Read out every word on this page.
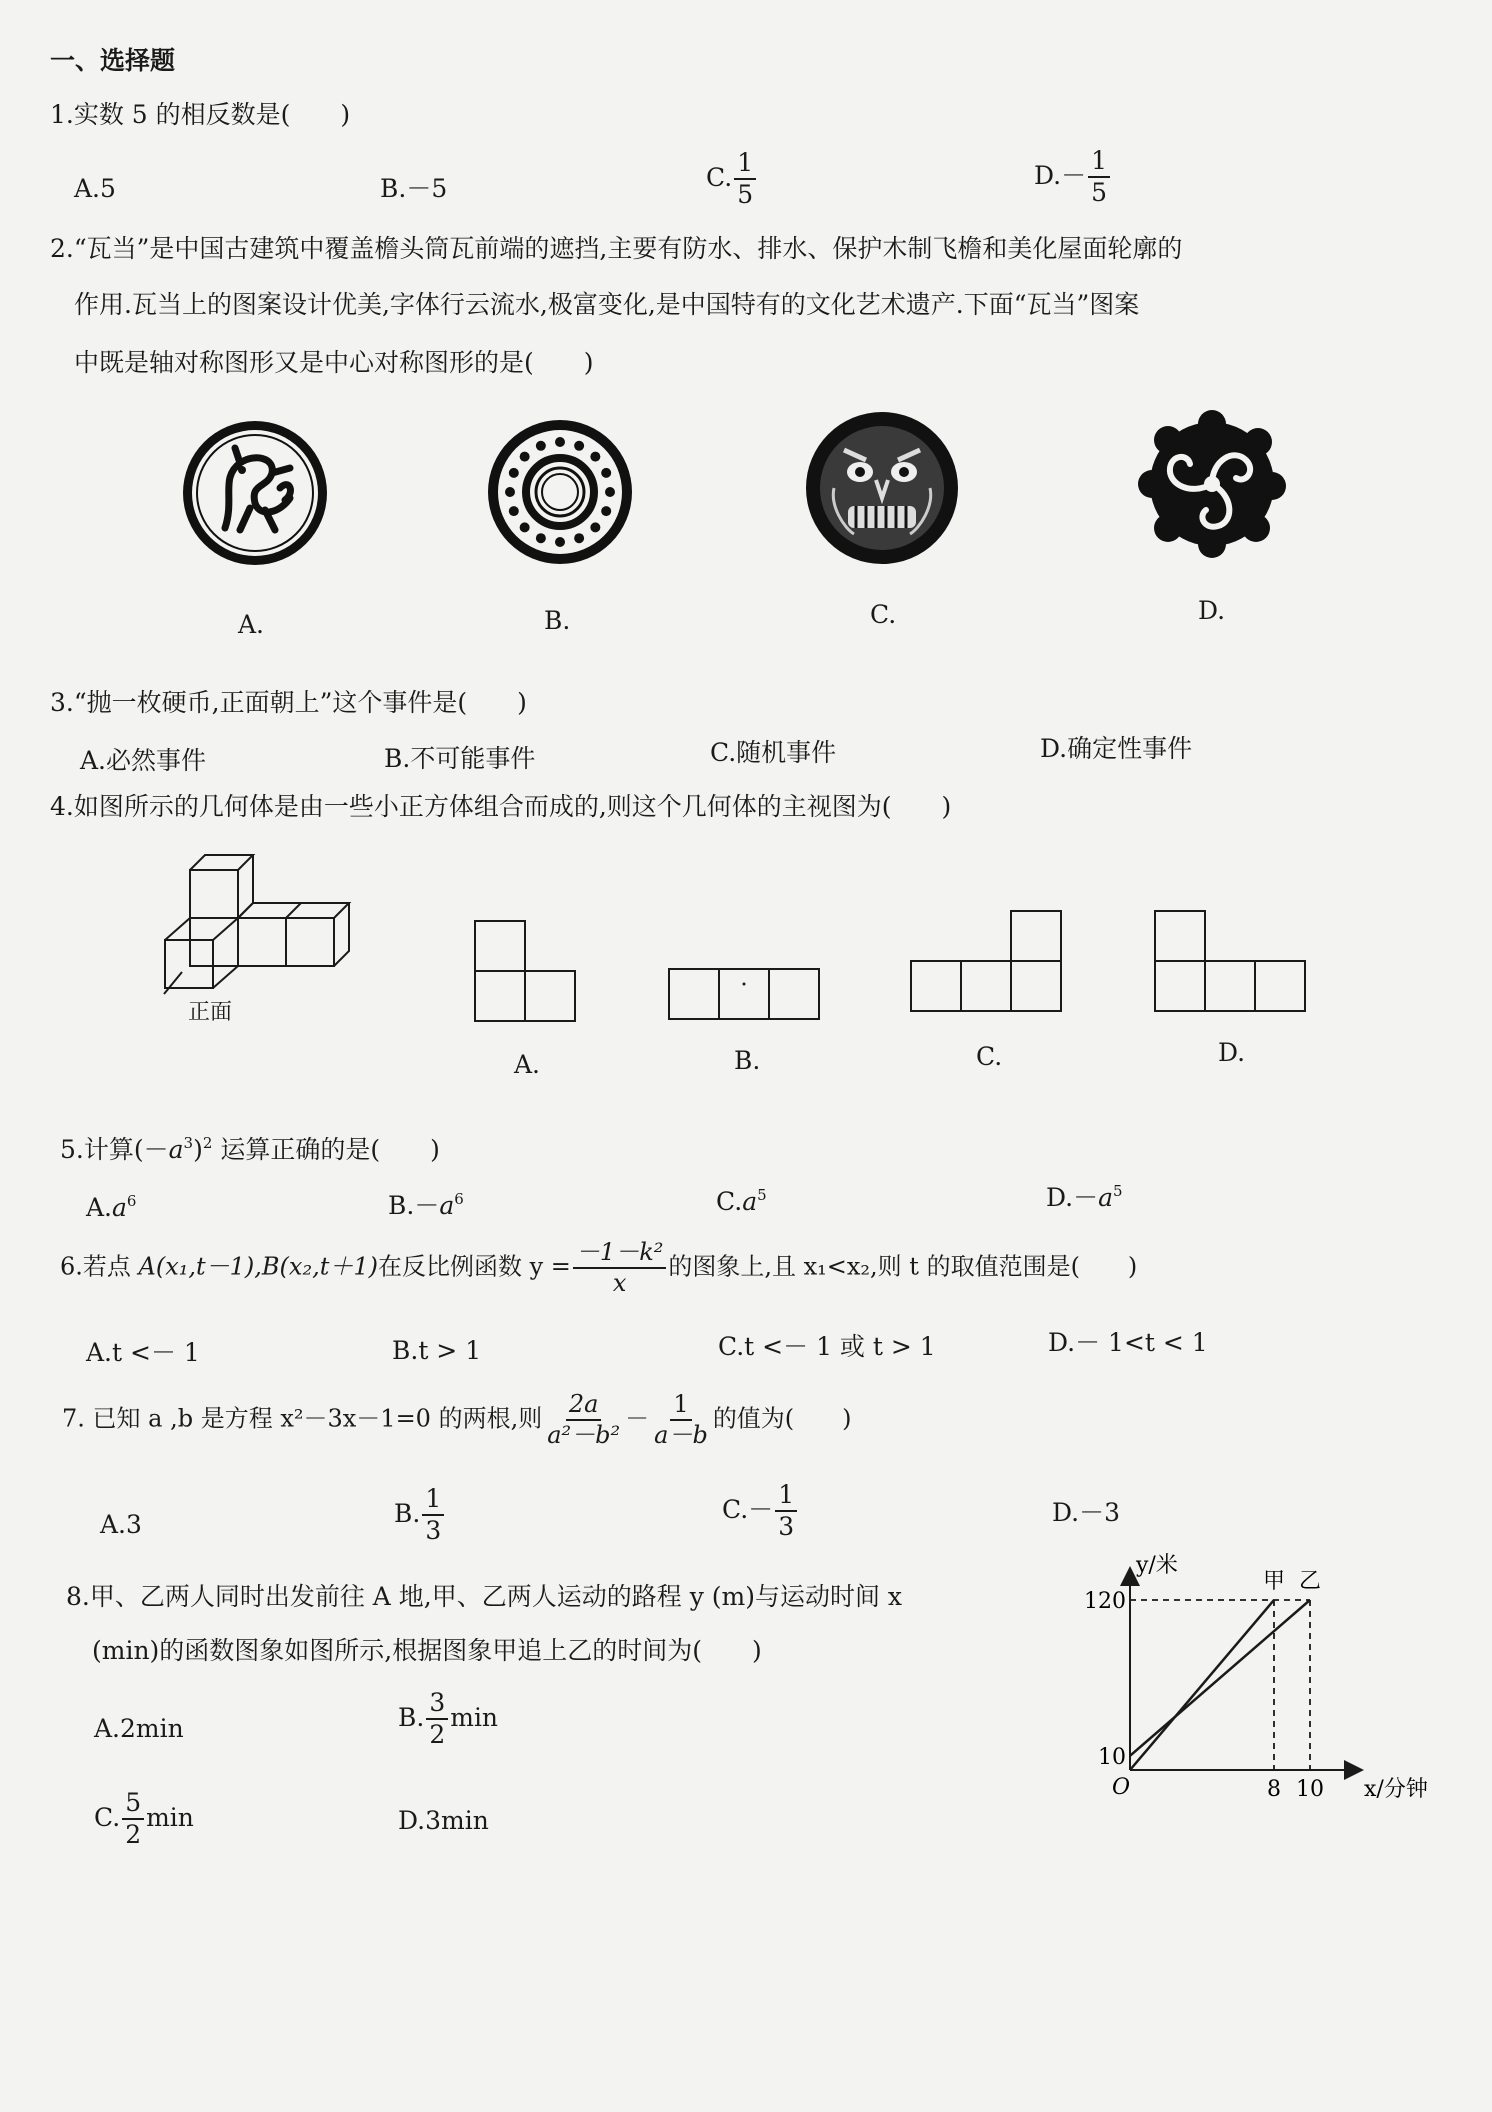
一、选择题
1.实数 5 的相反数是(　　)
A.5	B.－5	C. $\frac{1}{5}$	$D.- \frac{1}{5}$
2.“瓦当”是中国古建筑中覆盖檐头筒瓦前端的遮挡,主要有防水、排水、保护木制飞檐和美化屋面轮廓的
作用.瓦当上的图案设计优美,字体行云流水,极富变化,是中国特有的文化艺术遗产.下面“瓦当”图案
中既是轴对称图形又是中心对称图形的是(　　)
A.	B.	C.	D.
3.“抛一枚硬币,正面朝上”这个事件是(　　)
A.必然事件	B.不可能事件	C.随机事件	D.确定性事件
4.如图所示的几何体是由一些小正方体组合而成的,则这个几何体的主视图为(　　)
正面
A.	B.	C.	D.
5.计算$(-a^3)^2$ 运算正确的是(　　)
$A.a^6$	$B.-a^6$	$C.a^5$	$D.-a^5$
6.若点 A(x₁,t－1),B(x₂,t＋1)在反比例函数 $y = \frac{\text{－1－k²}}{x}$ 的图象上,且 x₁<x₂,则 t 的取值范围是(　　)
A.t <－ 1	B.t > 1	C.t <－ 1 或 t > 1	D.－ 1<t < 1
7. 已知 a ,b 是方程 x²－3x－1=0 的两根,则 $\frac{2a}{\text{a²－b²}} - \frac{1}{a-b}$ 的值为(　　)
A.3	B. $\frac{1}{3}$	$C.- \frac{1}{3}$	D.－3
8.甲、乙两人同时出发前往 A 地,甲、乙两人运动的路程 y (m)与运动时间 x
(min)的函数图象如图所示,根据图象甲追上乙的时间为(　　)
A.2min	B. $\frac{3}{2}$ min
C. $\frac{5}{2}$ min	D.3min
y/米
x/分钟
O	8 10
10
120
甲 乙
